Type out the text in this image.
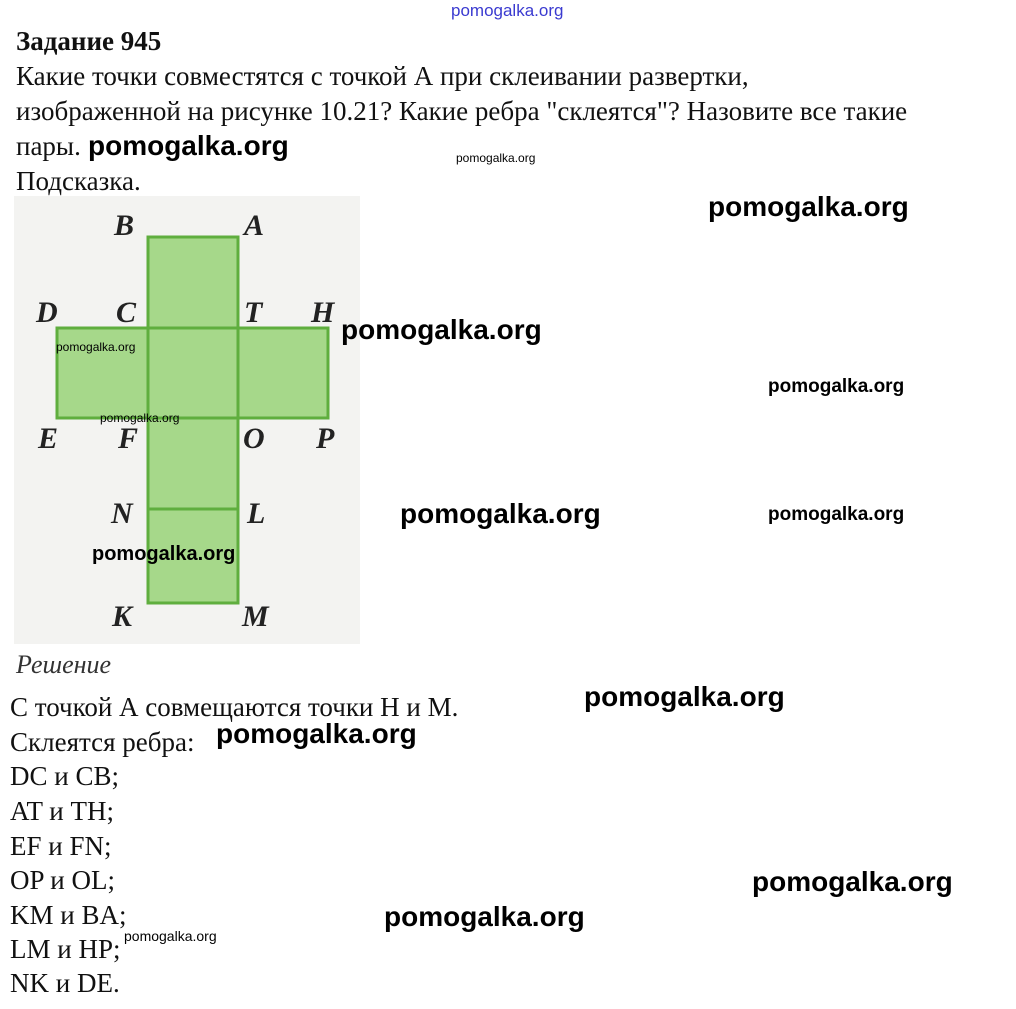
pomogalka.org
Задание 945
Какие точки совместятся с точкой А при склеивании развертки,
изображенной на рисунке 10.21? Какие ребра "склеятся"? Назовите все такие
пары.
Подсказка.
B	A
D C	T H
E F	O P
N	L
K	M
Решение
С точкой А совмещаются точки Н и М.
Склеятся ребра:
DC и CB;
AT и TH;
EF и FN;
OP и OL;
KM и BA;
LM и HP;
NK и DE.
pomogalka.org	pomogalka.org
pomogalka.org
pomogalka.org
pomogalka.org
pomogalka.org
pomogalka.org
pomogalka.org	pomogalka.org
pomogalka.org
pomogalka.org
pomogalka.org
pomogalka.org
pomogalka.org
pomogalka.org
